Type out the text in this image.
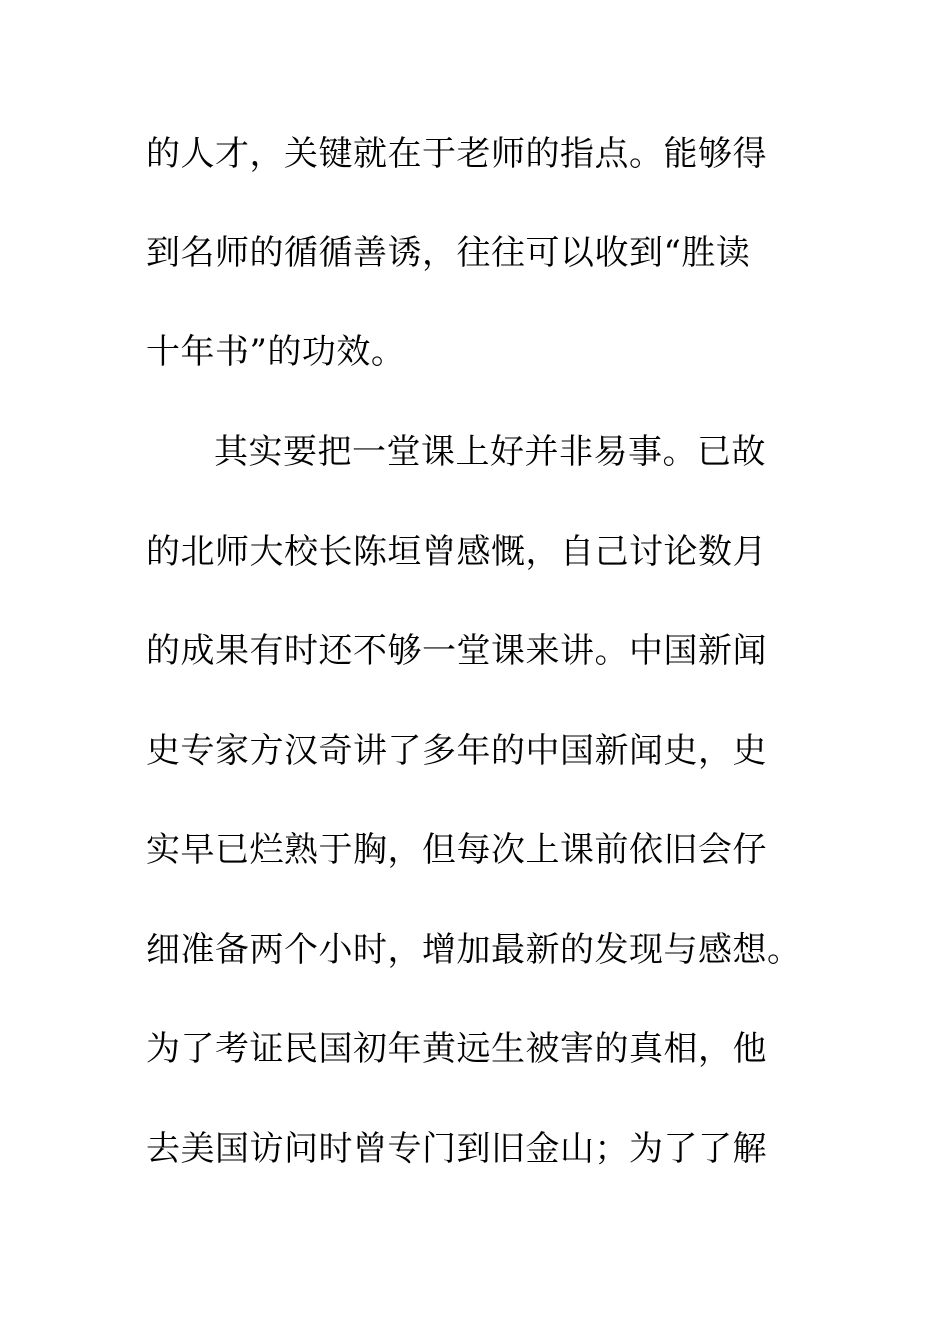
的人才，关键就在于老师的指点。能够得

到名师的循循善诱，往往可以收到“胜读

十年书”的功效。

其实要把一堂课上好并非易事。已故

的北师大校长陈垣曾感慨，自己讨论数月

的成果有时还不够一堂课来讲。中国新闻

史专家方汉奇讲了多年的中国新闻史，史

实早已烂熟于胸，但每次上课前依旧会仔

细准备两个小时，增加最新的发现与感想。

为了考证民国初年黄远生被害的真相，他

去美国访问时曾专门到旧金山；为了了解
